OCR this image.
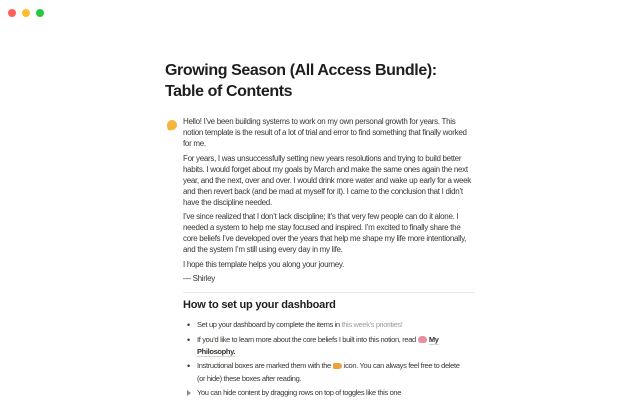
Growing Season (All Access Bundle):
Table of Contents

Hello! I’ve been building systems to work on my own personal growth for years. This notion template is the result of a lot of trial and error to find something that finally worked for me.

For years, I was unsuccessfully setting new years resolutions and trying to build better habits. I would forget about my goals by March and make the same ones again the next year, and the next, over and over. I would drink more water and wake up early for a week and then revert back (and be mad at myself for it). I came to the conclusion that I didn’t have the discipline needed.

I’ve since realized that I don’t lack discipline; it’s that very few people can do it alone. I needed a system to help me stay focused and inspired. I’m excited to finally share the core beliefs I’ve developed over the years that help me shape my life more intentionally, and the system I’m still using every day in my life.

I hope this template helps you along your journey.

— Shirley

How to set up your dashboard
•
Set up your dashboard by complete the items in this week’s priorities!
•
If you’d like to learn more about the core beliefs I built into this notion, read My Philosophy.
•
Instructional boxes are marked them with the icon. You can always feel free to delete (or hide) these boxes after reading.
You can hide content by dragging rows on top of toggles like this one
